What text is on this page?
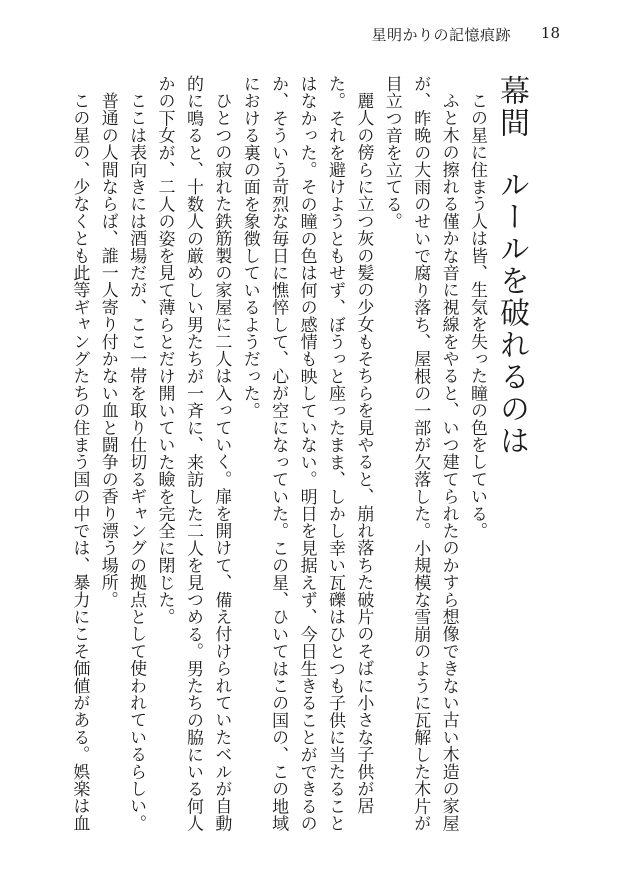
星明かりの記憶痕跡 18
幕間ルールを破れるのは

この星に住まう人は皆、生気を失った瞳の色をしている。

ふと木の擦れる僅かな音に視線をやると、いつ建てられたのかすら想像できない古い木造の家屋が、昨晩の大雨のせいで腐り落ち、屋根の一部が欠落した。小規模な雪崩のように瓦解した木片が目立つ音を立てる。

麗人の傍らに立つ灰の髪の少女もそちらを見やると、崩れ落ちた破片のそばに小さな子供が居た。それを避けようともせず、ぼうっと座ったまま、しかし幸い瓦礫はひとつも子供に当たることはなかった。その瞳の色は何の感情も映していない。明日を見据えず、今日生きることができるのか、そういう苛烈な毎日に憔悴して、心が空になっていた。この星、ひいてはこの国の、この地域における裏の面を象徴しているようだった。

ひとつの寂れた鉄筋製の家屋に二人は入っていく。扉を開けて、備え付けられていたベルが自動的に鳴ると、十数人の厳めしい男たちが一斉に、来訪した二人を見つめる。男たちの脇にいる何人かの下女が、二人の姿を見て薄らとだけ開いていた瞼を完全に閉じた。

ここは表向きには酒場だが、ここ一帯を取り仕切るギャングの拠点として使われているらしい。

普通の人間ならば、誰一人寄り付かない血と闘争の香り漂う場所。

この星の、少なくとも此等ギャングたちの住まう国の中では、暴力にこそ価値がある。娯楽は血
